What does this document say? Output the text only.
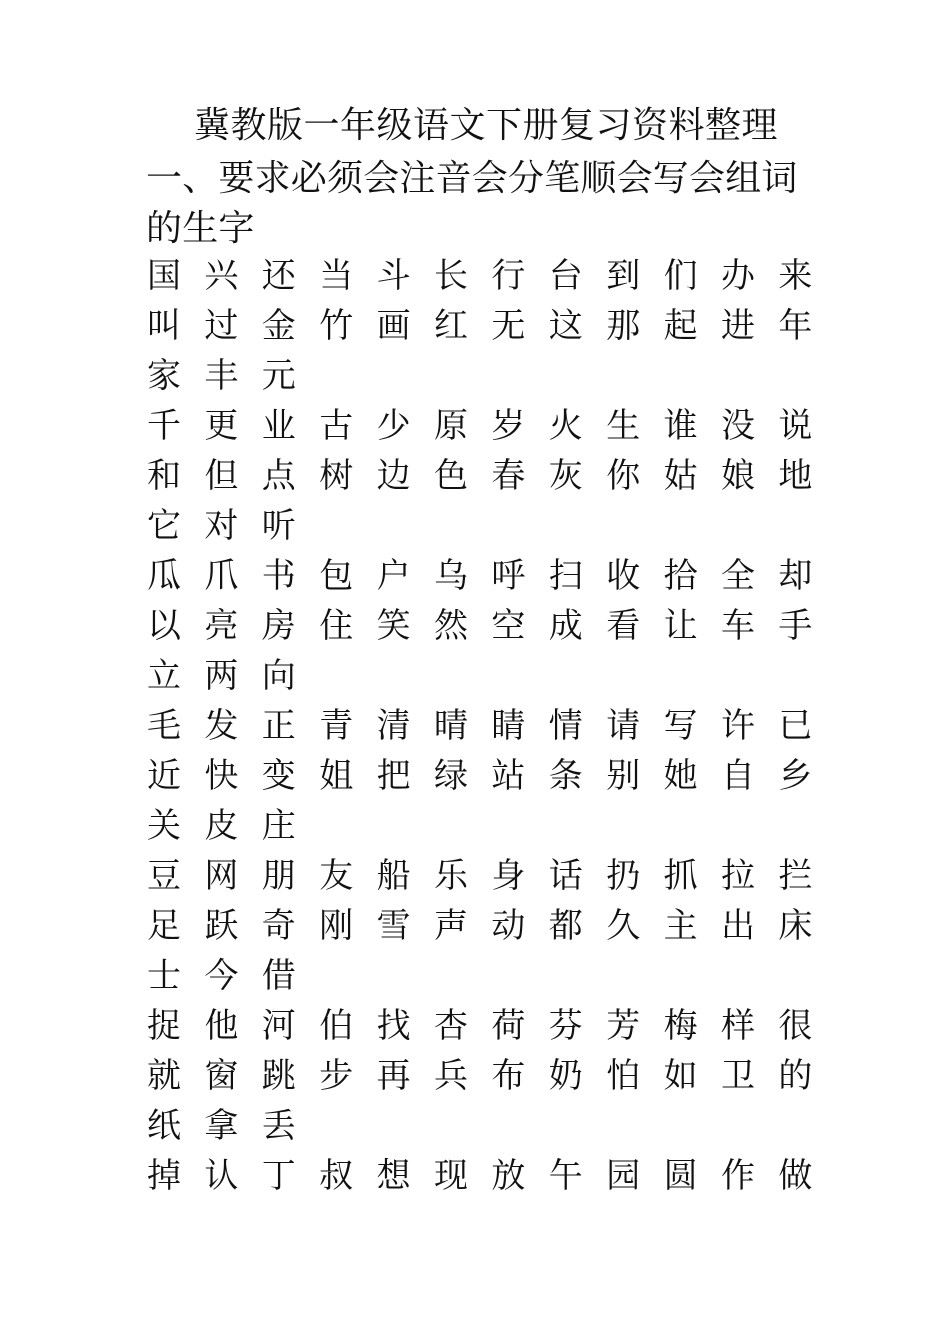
冀教版一年级语文下册复习资料整理
一、要求必须会注音会分笔顺会写会组词
的生字
国 兴 还 当 斗 长 行 台 到 们 办 来
叫 过 金 竹 画 红 无 这 那 起 进 年
家 丰 元
千 更 业 古 少 原 岁 火 生 谁 没 说
和 但 点 树 边 色 春 灰 你 姑 娘 地
它 对 听
瓜 爪 书 包 户 乌 呼 扫 收 拾 全 却
以 亮 房 住 笑 然 空 成 看 让 车 手
立 两 向
毛 发 正 青 清 晴 睛 情 请 写 许 已
近 快 变 姐 把 绿 站 条 别 她 自 乡
关 皮 庄
豆 网 朋 友 船 乐 身 话 扔 抓 拉 拦
足 跃 奇 刚 雪 声 动 都 久 主 出 床
士 今 借
捉 他 河 伯 找 杏 荷 芬 芳 梅 样 很
就 窗 跳 步 再 兵 布 奶 怕 如 卫 的
纸 拿 丢
掉 认 丁 叔 想 现 放 午 园 圆 作 做
